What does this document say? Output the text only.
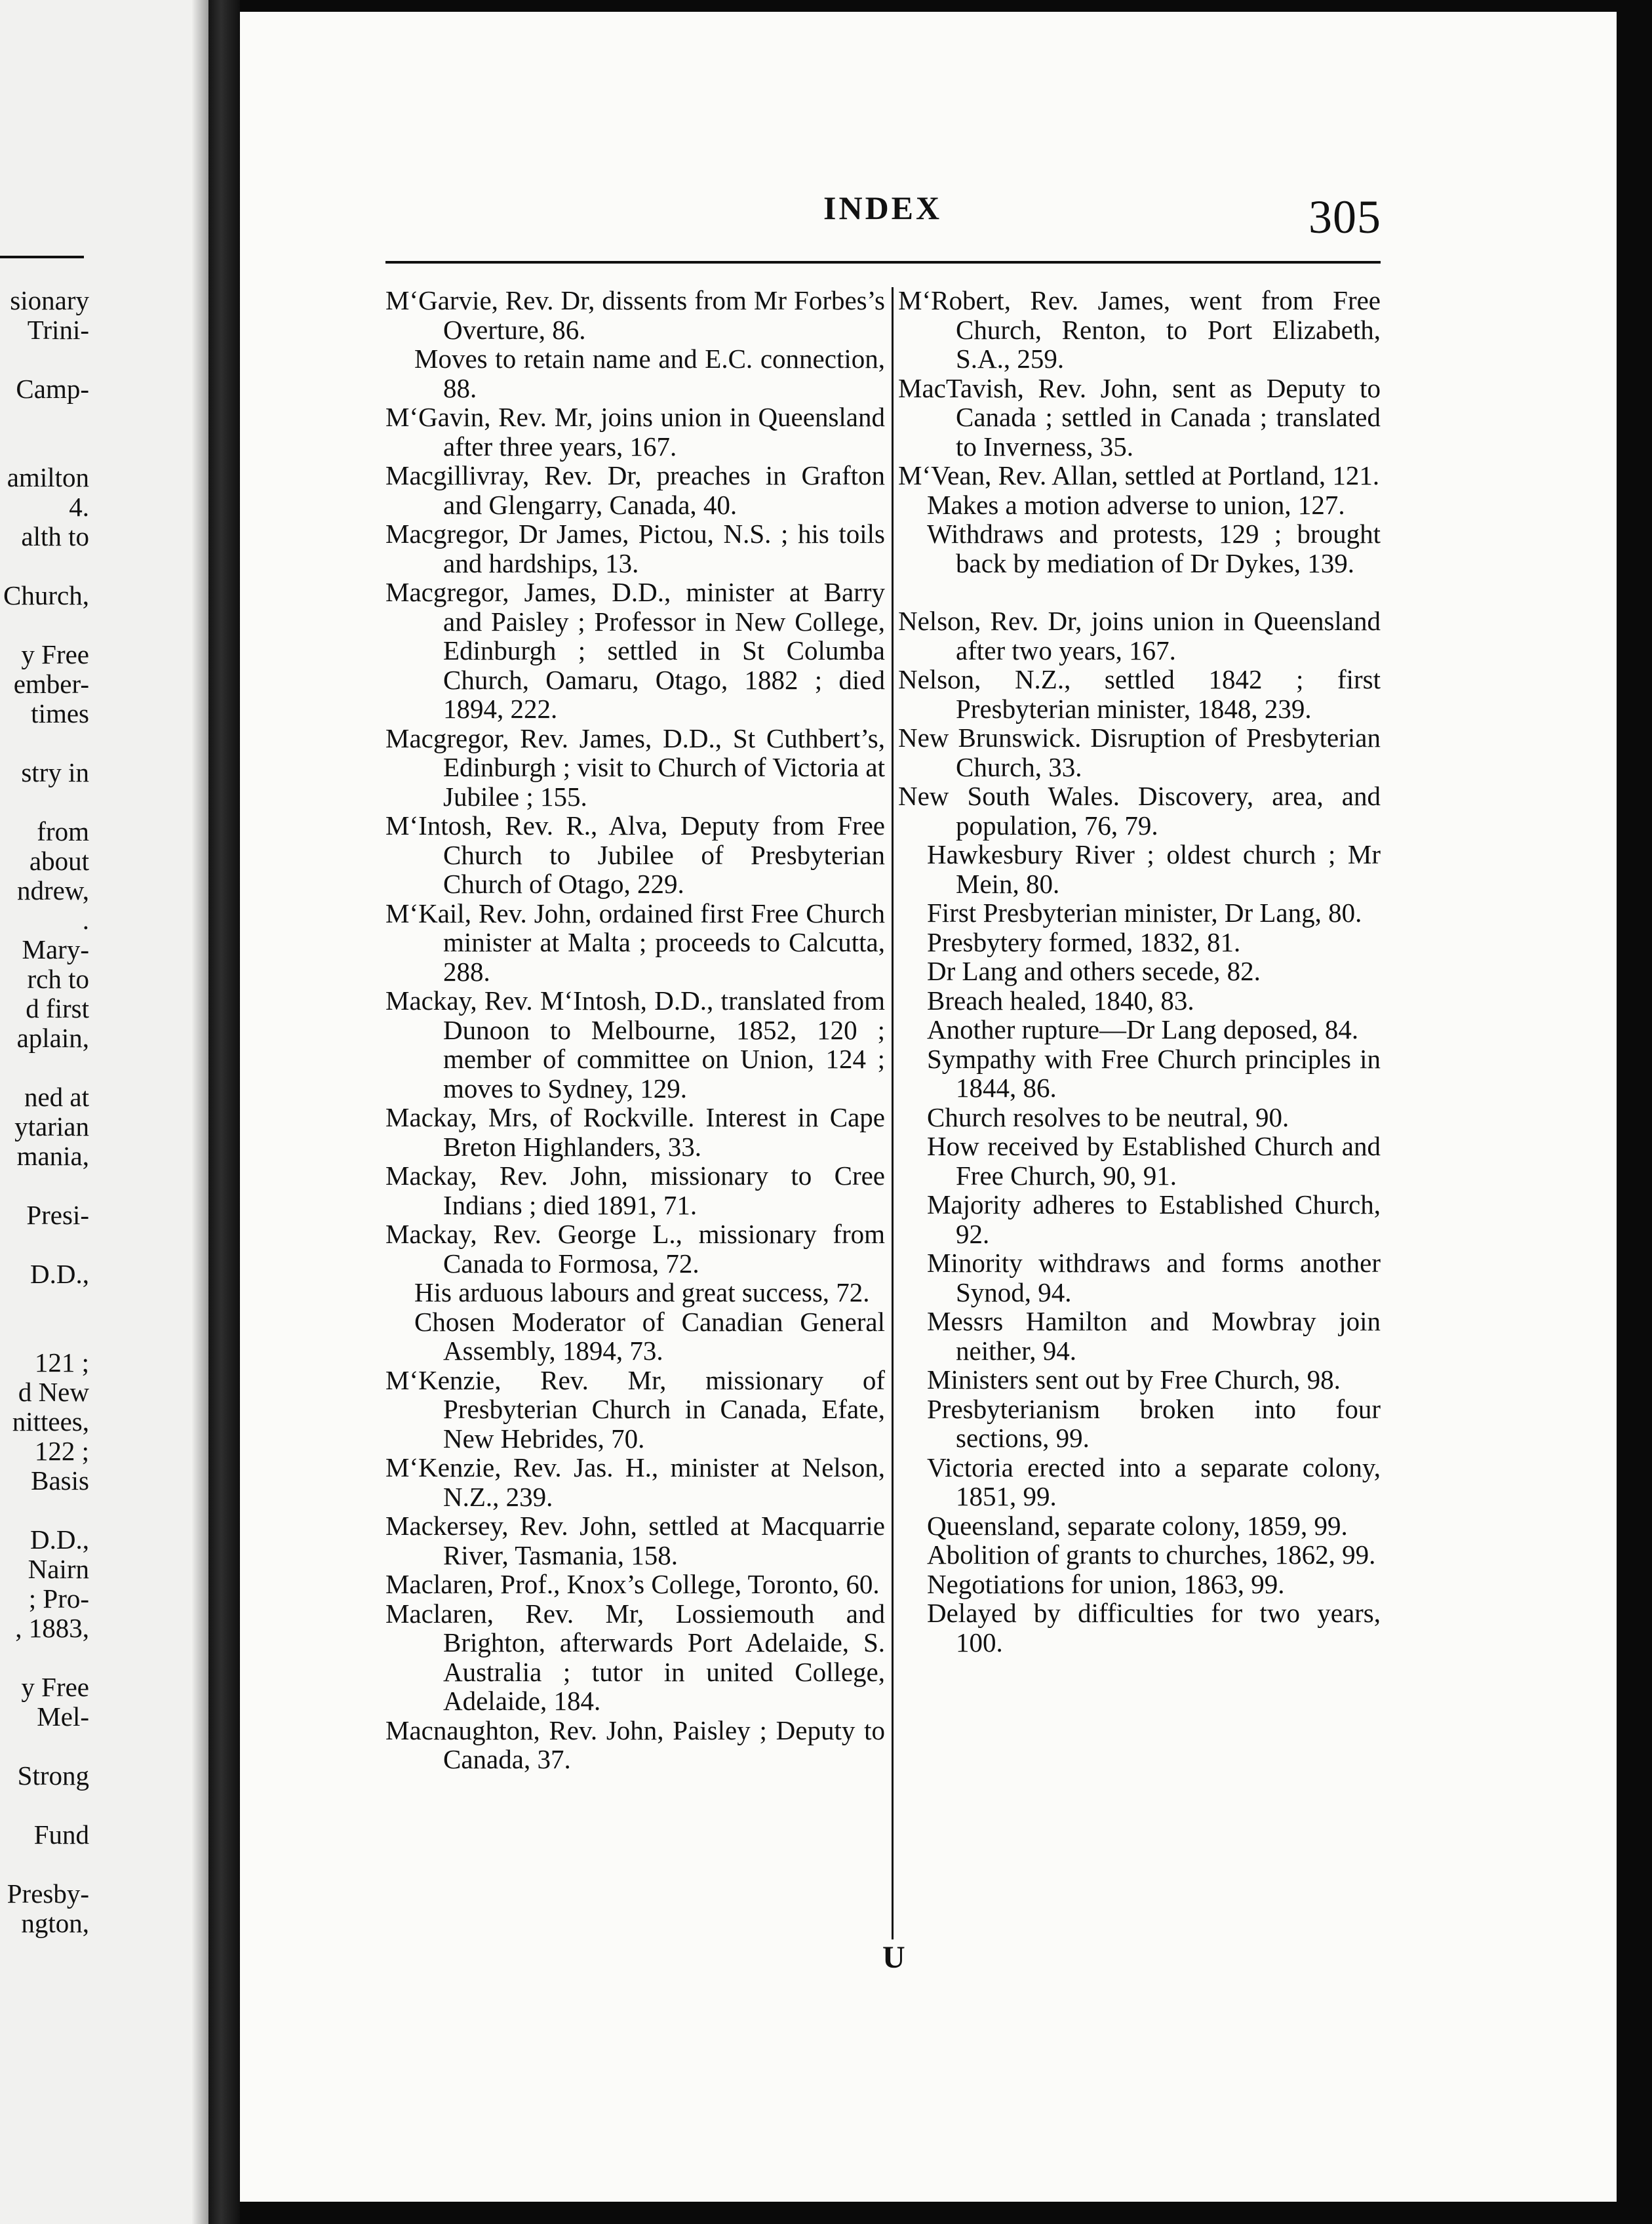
sionary
Trini-
Camp-
amilton
4.
alth to
Church,
y Free
ember-
times
stry in
from
about
ndrew,
.
Mary-
rch to
d first
aplain,
ned at
ytarian
mania,
Presi-
D.D.,
121 ;
d New
nittees,
122 ;
Basis
D.D.,
Nairn
; Pro-
, 1883,
y Free
Mel-
Strong
Fund
Presby-
ngton,
INDEX	305

M‘Garvie, Rev. Dr, dissents from Mr Forbes’s Overture, 86.

Moves to retain name and E.C. connection, 88.

M‘Gavin, Rev. Mr, joins union in Queensland after three years, 167.

Macgillivray, Rev. Dr, preaches in Grafton and Glengarry, Canada, 40.

Macgregor, Dr James, Pictou, N.S. ; his toils and hardships, 13.

Macgregor, James, D.D., minister at Barry and Paisley ; Professor in New College, Edinburgh ; settled in St Columba Church, Oamaru, Otago, 1882 ; died 1894, 222.

Macgregor, Rev. James, D.D., St Cuthbert’s, Edinburgh ; visit to Church of Victoria at Jubilee ; 155.

M‘Intosh, Rev. R., Alva, Deputy from Free Church to Jubilee of Presbyterian Church of Otago, 229.

M‘Kail, Rev. John, ordained first Free Church minister at Malta ; proceeds to Calcutta, 288.

Mackay, Rev. M‘Intosh, D.D., translated from Dunoon to Melbourne, 1852, 120 ; member of committee on Union, 124 ; moves to Sydney, 129.

Mackay, Mrs, of Rockville. Interest in Cape Breton Highlanders, 33.

Mackay, Rev. John, missionary to Cree Indians ; died 1891, 71.

Mackay, Rev. George L., missionary from Canada to Formosa, 72.

His arduous labours and great success, 72.

Chosen Moderator of Canadian General Assembly, 1894, 73.

M‘Kenzie, Rev. Mr, missionary of Presbyterian Church in Canada, Efate, New Hebrides, 70.

M‘Kenzie, Rev. Jas. H., minister at Nelson, N.Z., 239.

Mackersey, Rev. John, settled at Macquarrie River, Tasmania, 158.

Maclaren, Prof., Knox’s College, Toronto, 60.

Maclaren, Rev. Mr, Lossiemouth and Brighton, afterwards Port Adelaide, S. Australia ; tutor in united College, Adelaide, 184.

Macnaughton, Rev. John, Paisley ; Deputy to Canada, 37.

M‘Robert, Rev. James, went from Free Church, Renton, to Port Elizabeth, S.A., 259.

MacTavish, Rev. John, sent as Deputy to Canada ; settled in Canada ; translated to Inverness, 35.

M‘Vean, Rev. Allan, settled at Portland, 121.

Makes a motion adverse to union, 127.

Withdraws and protests, 129 ; brought back by mediation of Dr Dykes, 139.

Nelson, Rev. Dr, joins union in Queensland after two years, 167.

Nelson, N.Z., settled 1842 ; first Presbyterian minister, 1848, 239.

New Brunswick. Disruption of Presbyterian Church, 33.

New South Wales. Discovery, area, and population, 76, 79.

Hawkesbury River ; oldest church ; Mr Mein, 80.

First Presbyterian minister, Dr Lang, 80.

Presbytery formed, 1832, 81.

Dr Lang and others secede, 82.

Breach healed, 1840, 83.

Another rupture—Dr Lang deposed, 84.

Sympathy with Free Church principles in 1844, 86.

Church resolves to be neutral, 90.

How received by Established Church and Free Church, 90, 91.

Majority adheres to Established Church, 92.

Minority withdraws and forms another Synod, 94.

Messrs Hamilton and Mowbray join neither, 94.

Ministers sent out by Free Church, 98.

Presbyterianism broken into four sections, 99.

Victoria erected into a separate colony, 1851, 99.

Queensland, separate colony, 1859, 99.

Abolition of grants to churches, 1862, 99.

Negotiations for union, 1863, 99.

Delayed by difficulties for two years, 100.

U
